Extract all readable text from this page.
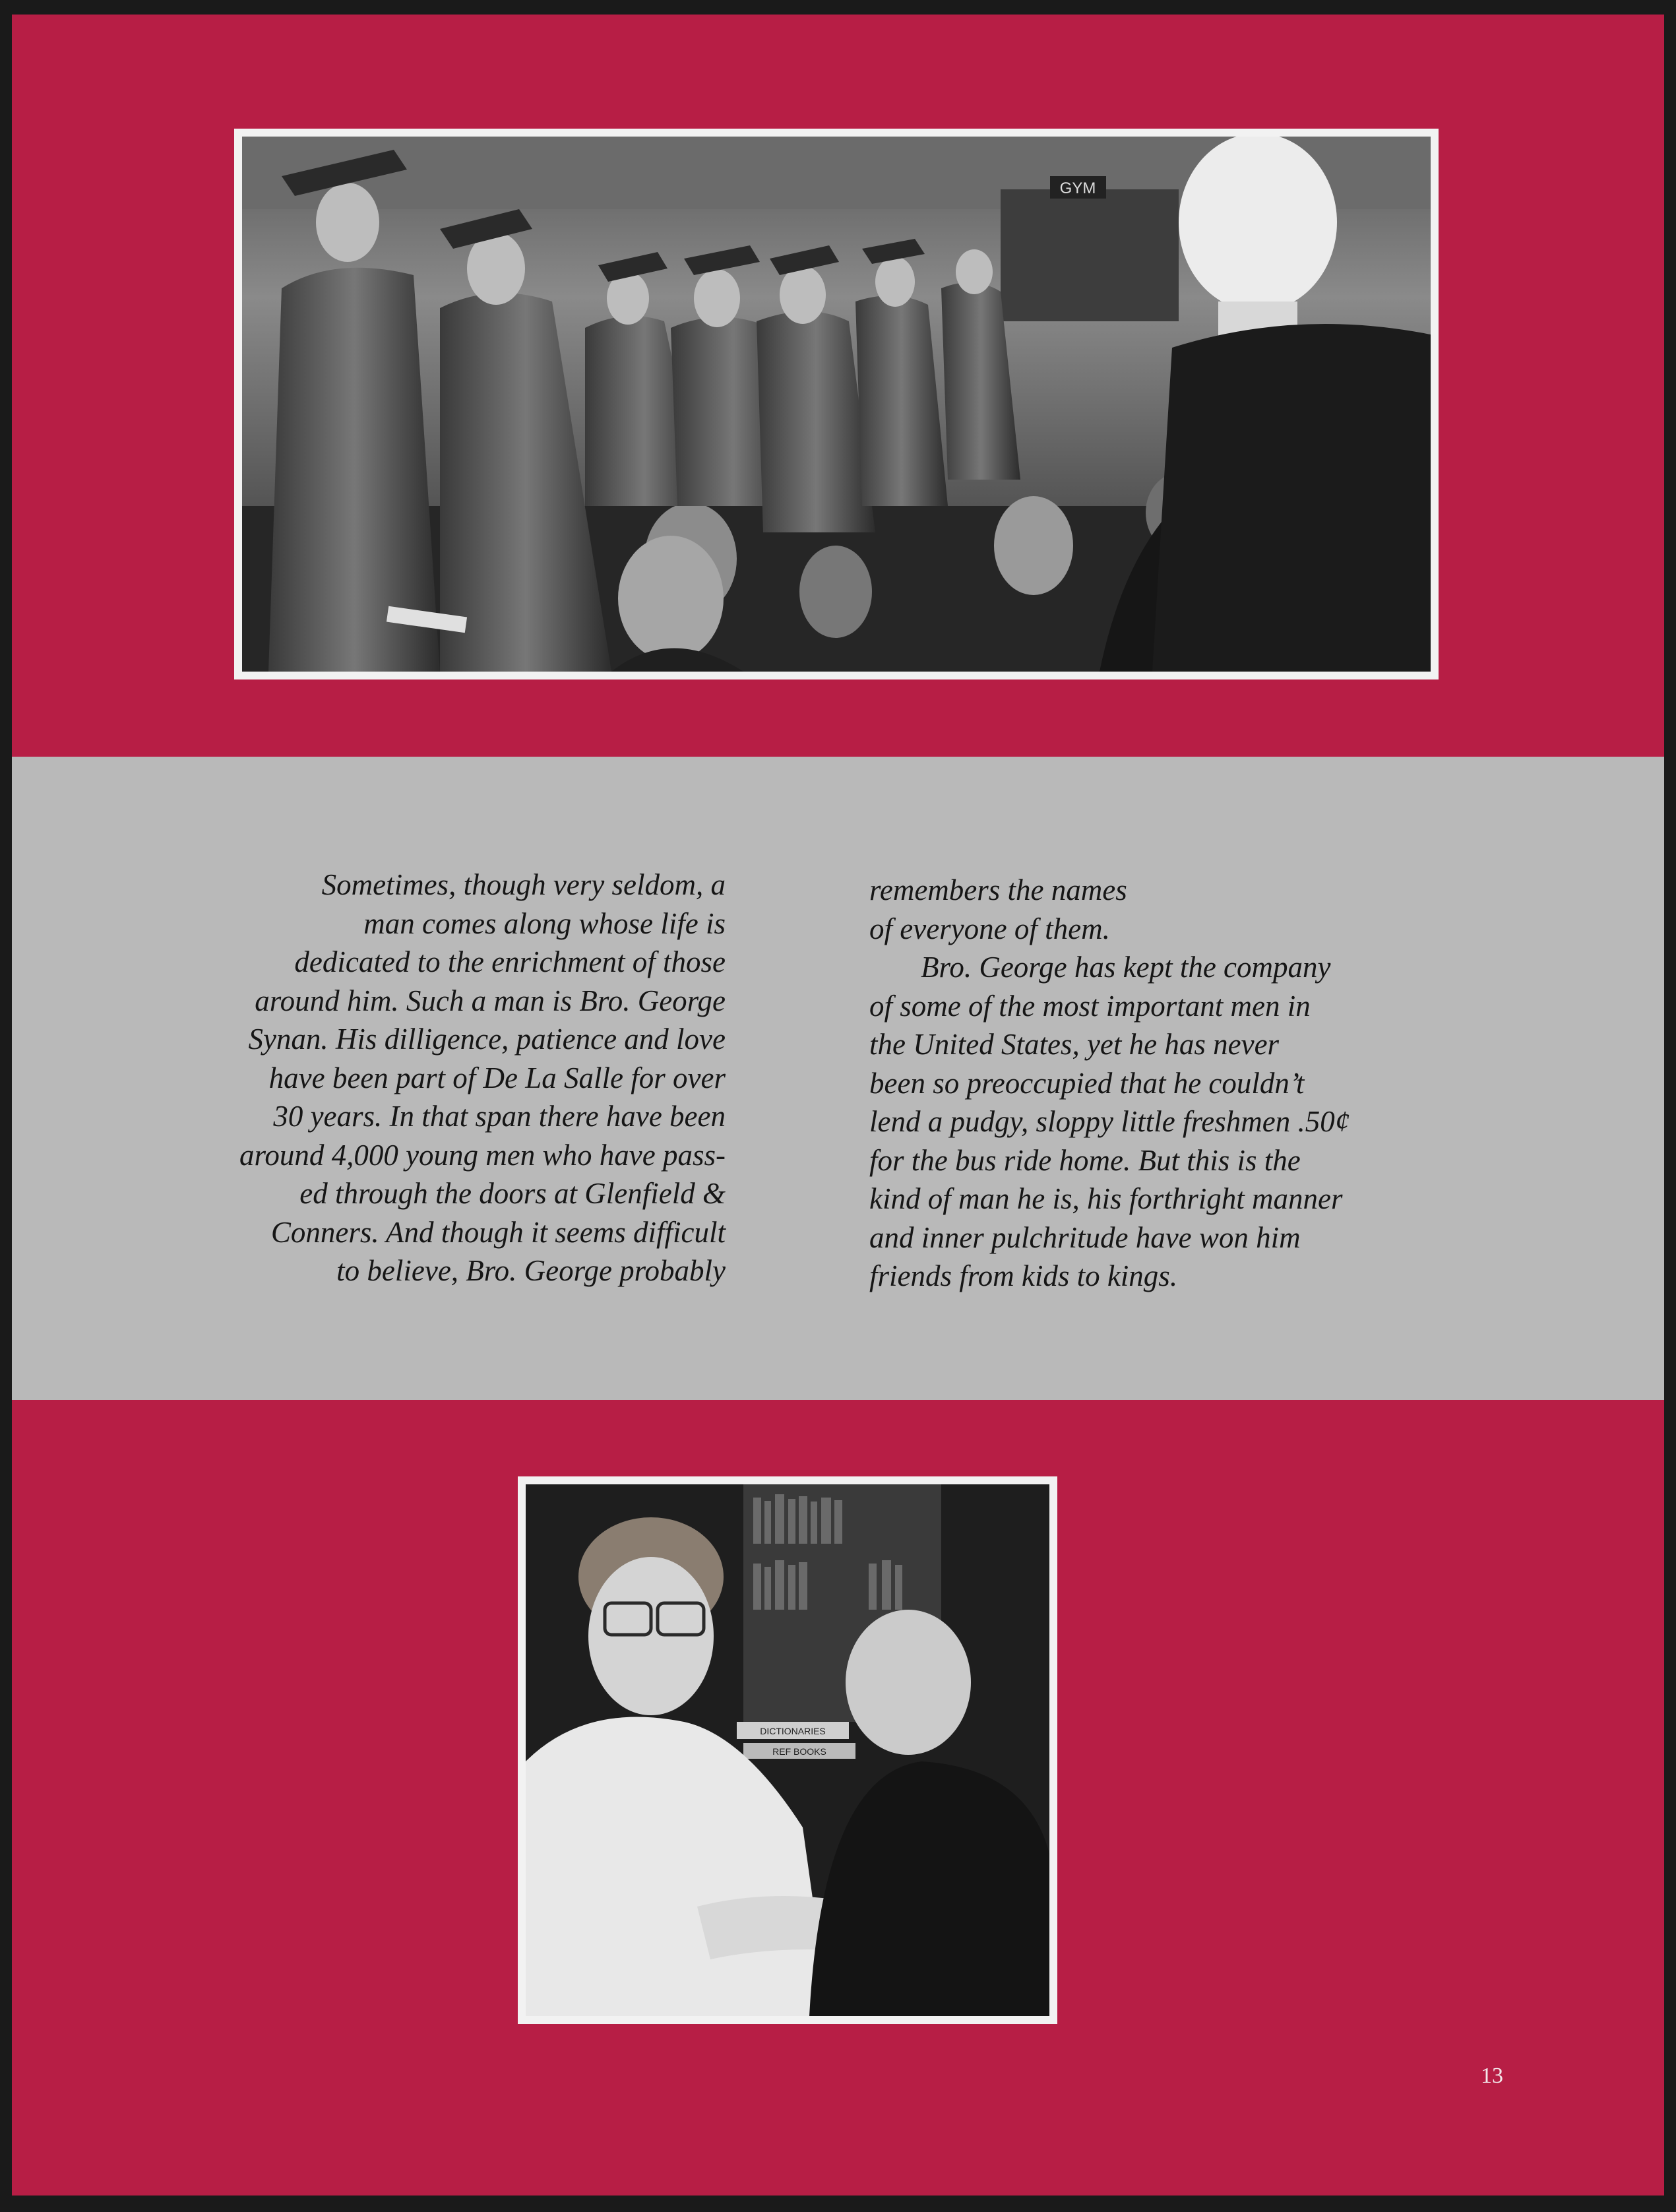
GYM
Sometimes, though very seldom, a
man comes along whose life is
dedicated to the enrichment of those
around him. Such a man is Bro. George
Synan. His dilligence, patience and love
have been part of De La Salle for over
30 years. In that span there have been
around 4,000 young men who have pass-
ed through the doors at Glenfield &
Conners. And though it seems difficult
to believe, Bro. George probably
remembers the names
of everyone of them.
Bro. George has kept the company
of some of the most important men in
the United States, yet he has never
been so preoccupied that he couldn’t
lend a pudgy, sloppy little freshmen .50¢
for the bus ride home. But this is the
kind of man he is, his forthright manner
and inner pulchritude have won him
friends from kids to kings.
DICTIONARIES
REF BOOKS
13
